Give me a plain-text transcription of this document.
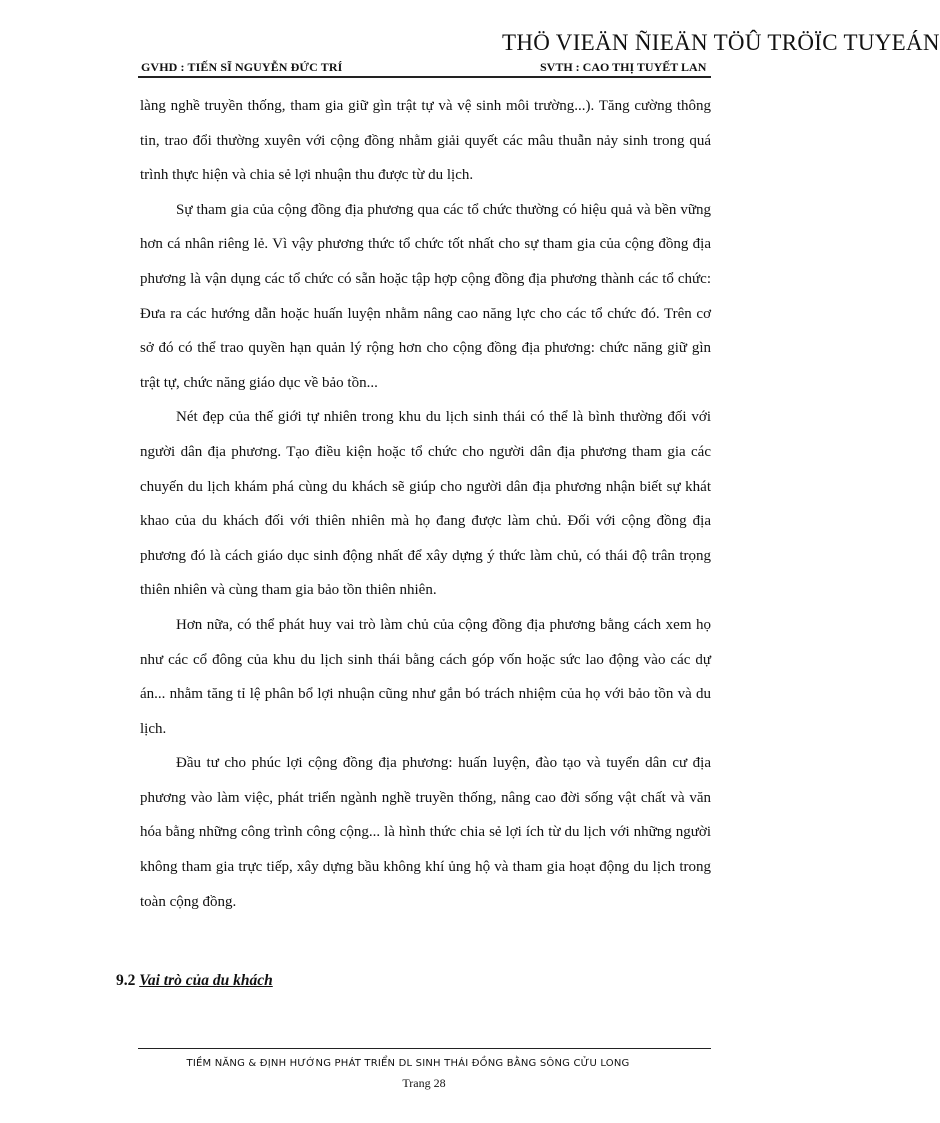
THÖ VIEÄN ÑIEÄN TÖÛ TRÖÏC TUYEÁN
GVHD : TIẾN SĨ NGUYỄN ĐỨC TRÍ	SVTH : CAO THỊ TUYẾT LAN

làng nghề truyền thống, tham gia giữ gìn trật tự và vệ sinh môi trường...). Tăng cường thông tin, trao đổi thường xuyên với cộng đồng nhằm giải quyết các mâu thuẫn nảy sinh trong quá trình thực hiện và chia sẻ lợi nhuận thu được từ du lịch.

Sự tham gia của cộng đồng địa phương qua các tổ chức thường có hiệu quả và bền vững hơn cá nhân riêng lẻ. Vì vậy phương thức tổ chức tốt nhất cho sự tham gia của cộng đồng địa phương là vận dụng các tổ chức có sẵn hoặc tập hợp cộng đồng địa phương thành các tổ chức: Đưa ra các hướng dẫn hoặc huấn luyện nhằm nâng cao năng lực cho các tổ chức đó. Trên cơ sở đó có thể trao quyền hạn quản lý rộng hơn cho cộng đồng địa phương: chức năng giữ gìn trật tự, chức năng giáo dục về bảo tồn...

Nét đẹp của thế giới tự nhiên trong khu du lịch sinh thái có thể là bình thường đối với người dân địa phương. Tạo điều kiện hoặc tổ chức cho người dân địa phương tham gia các chuyến du lịch khám phá cùng du khách sẽ giúp cho người dân địa phương nhận biết sự khát khao của du khách đối với thiên nhiên mà họ đang được làm chủ. Đối với cộng đồng địa phương đó là cách giáo dục sinh động nhất để xây dựng ý thức làm chủ, có thái độ trân trọng thiên nhiên và cùng tham gia bảo tồn thiên nhiên.

Hơn nữa, có thể phát huy vai trò làm chủ của cộng đồng địa phương bằng cách xem họ như các cổ đông của khu du lịch sinh thái bằng cách góp vốn hoặc sức lao động vào các dự án... nhằm tăng tỉ lệ phân bổ lợi nhuận cũng như gắn bó trách nhiệm của họ với bảo tồn và du lịch.

Đầu tư cho phúc lợi cộng đồng địa phương: huấn luyện, đào tạo và tuyển dân cư địa phương vào làm việc, phát triển ngành nghề truyền thống, nâng cao đời sống vật chất và văn hóa bằng những công trình công cộng... là hình thức chia sẻ lợi ích từ du lịch với những người không tham gia trực tiếp, xây dựng bầu không khí ủng hộ và tham gia hoạt động du lịch trong toàn cộng đồng.

9.2 Vai trò của du khách
TIỀM NĂNG & ĐỊNH HƯỚNG PHÁT TRIỂN DL SINH THÁI ĐỒNG BẰNG SÔNG CỬU LONG
Trang 28
